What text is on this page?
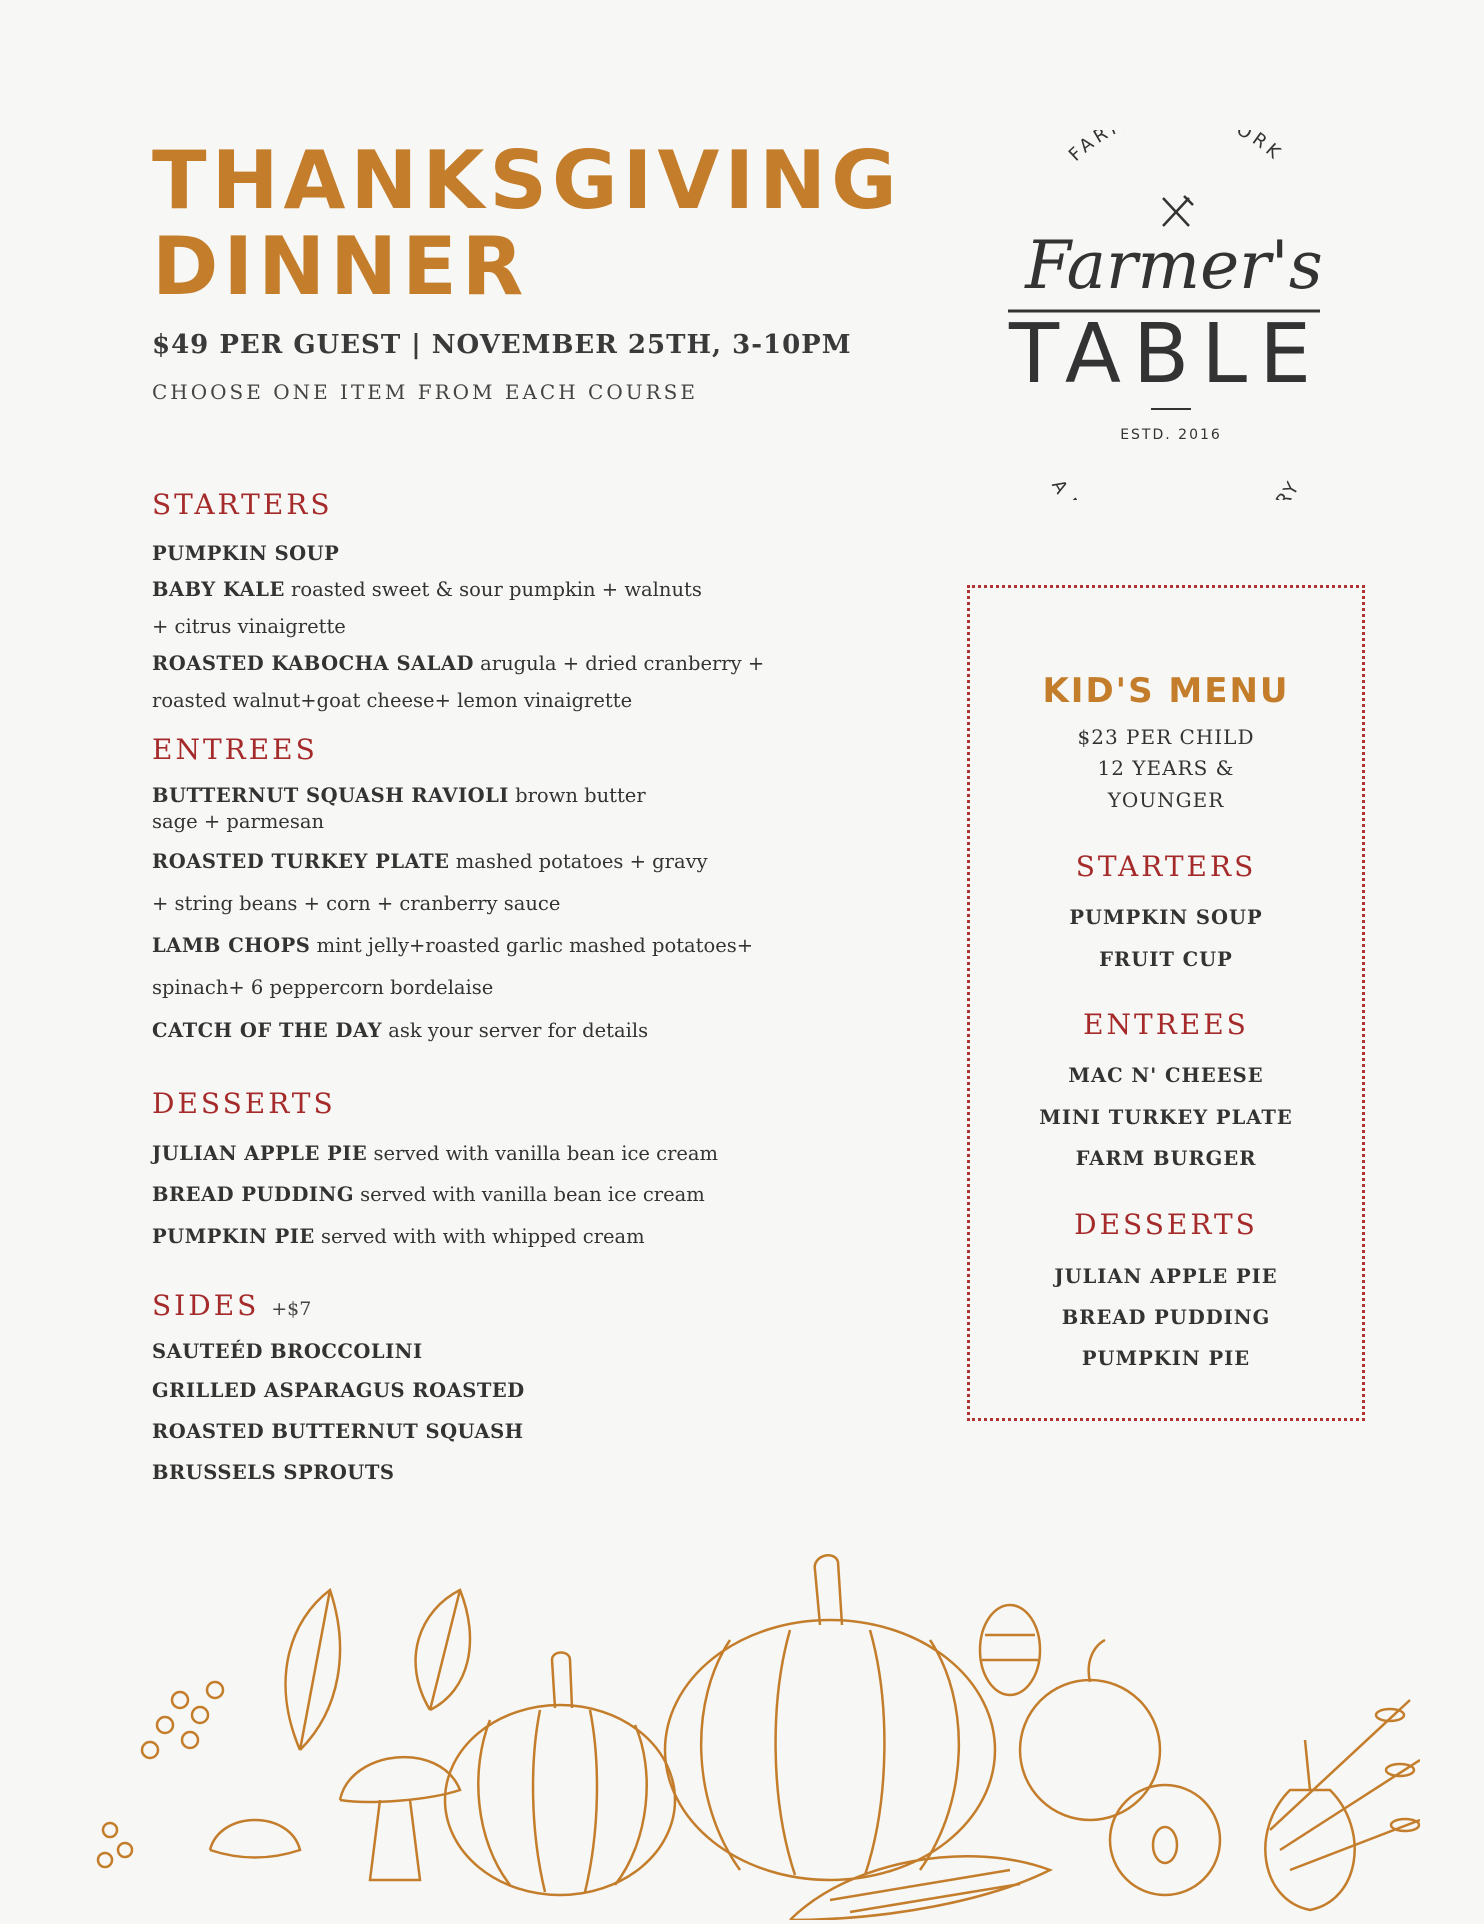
THANKSGIVING
DINNER
$49 PER GUEST | NOVEMBER 25TH, 3-10PM
CHOOSE ONE ITEM FROM EACH COURSE
FAR ORK
Farmer's
TABLE
ESTD. 2016
A RY
STARTERS
PUMPKIN SOUP
BABY KALE roasted sweet & sour pumpkin + walnuts
+ citrus vinaigrette
ROASTED KABOCHA SALAD arugula + dried cranberry +
roasted walnut+goat cheese+ lemon vinaigrette
ENTREES
BUTTERNUT SQUASH RAVIOLI brown butter
sage + parmesan
ROASTED TURKEY PLATE mashed potatoes + gravy
+ string beans + corn + cranberry sauce
LAMB CHOPS mint jelly+roasted garlic mashed potatoes+
spinach+ 6 peppercorn bordelaise
CATCH OF THE DAY ask your server for details
DESSERTS
JULIAN APPLE PIE served with vanilla bean ice cream
BREAD PUDDING served with vanilla bean ice cream
PUMPKIN PIE served with with whipped cream
SIDES +$7
SAUTEÉD BROCCOLINI
GRILLED ASPARAGUS ROASTED
ROASTED BUTTERNUT SQUASH
BRUSSELS SPROUTS
KID'S MENU
$23 PER CHILD
12 YEARS &
YOUNGER
STARTERS
PUMPKIN SOUP
FRUIT CUP
ENTREES
MAC N' CHEESE
MINI TURKEY PLATE
FARM BURGER
DESSERTS
JULIAN APPLE PIE
BREAD PUDDING
PUMPKIN PIE
